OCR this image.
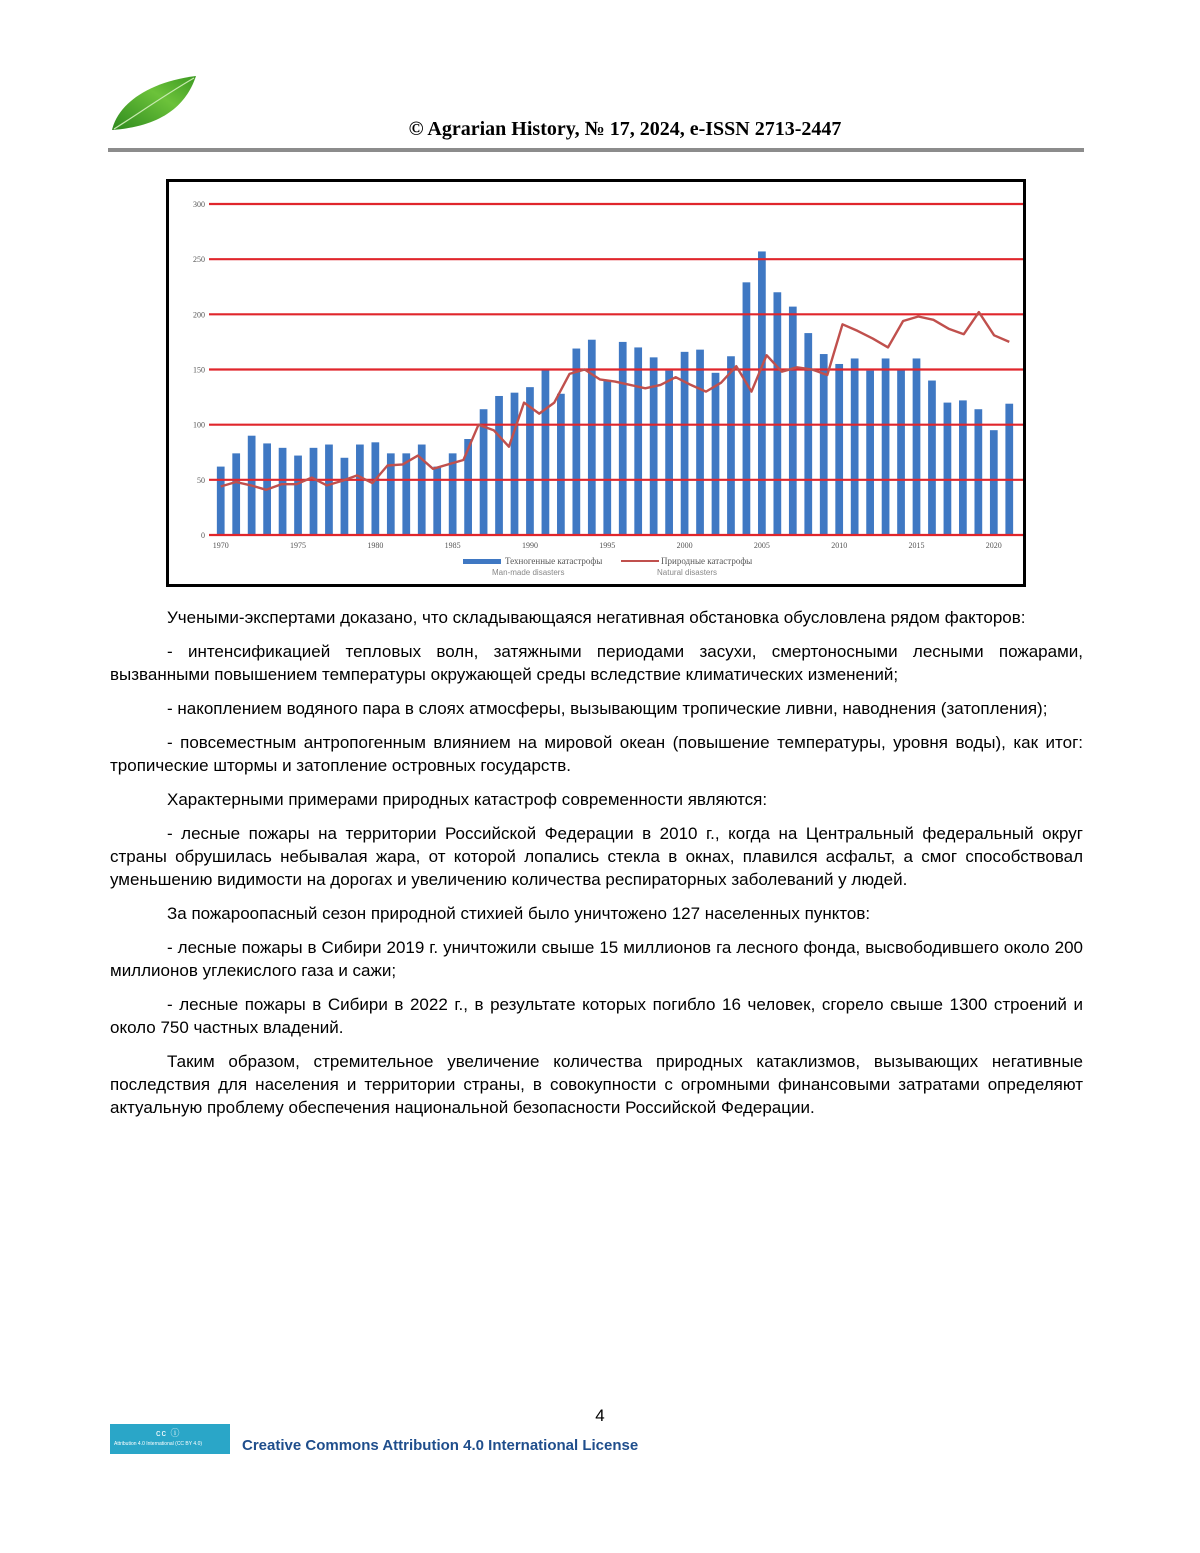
© Agrarian History, № 17, 2024, e-ISSN 2713-2447
0
50
100
150
200
250
300
1970	1975	1980	1985	1990	1995	2000	2005	2010	2015	2020
Техногенные катастрофы
Man-made disasters
Природные катастрофы
Natural disasters

Учеными-экспертами доказано, что складывающаяся негативная обстановка обусловлена рядом факторов:

- интенсификацией тепловых волн, затяжными периодами засухи, смертоносными лесными пожарами, вызванными повышением температуры окружающей среды вследствие климатических изменений;

- накоплением водяного пара в слоях атмосферы, вызывающим тропические ливни, наводнения (затопления);

- повсеместным антропогенным влиянием на мировой океан (повышение температуры, уровня воды), как итог: тропические штормы и затопление островных государств.

Характерными примерами природных катастроф современности являются:

- лесные пожары на территории Российской Федерации в 2010 г., когда на Центральный федеральный округ страны обрушилась небывалая жара, от которой лопались стекла в окнах, плавился асфальт, а смог способствовал уменьшению видимости на дорогах и увеличению количества респираторных заболеваний у людей.

За пожароопасный сезон природной стихией было уничтожено 127 населенных пунктов:

- лесные пожары в Сибири 2019 г. уничтожили свыше 15 миллионов га лесного фонда, высвободившего около 200 миллионов углекислого газа и сажи;

- лесные пожары в Сибири в 2022 г., в результате которых погибло 16 человек, сгорело свыше 1300 строений и около 750 частных владений.

Таким образом, стремительное увеличение количества природных катаклизмов, вызывающих негативные последствия для населения и территории страны, в совокупности с огромными финансовыми затратами определяют актуальную проблему обеспечения национальной безопасности Российской Федерации.

4
cc ⓘ
Attribution 4.0 International (CC BY 4.0)	Creative Commons Attribution 4.0 International License
